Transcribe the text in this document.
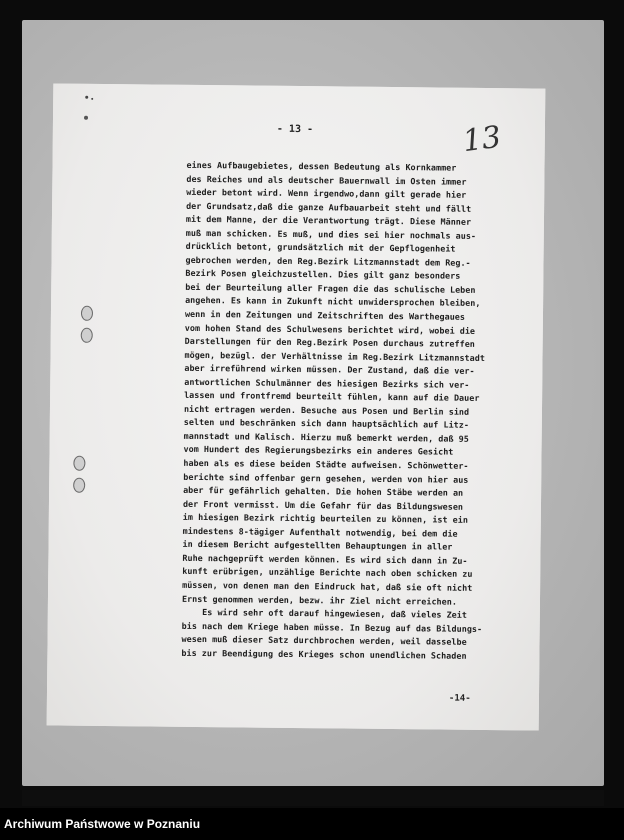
- 13 -	13
eines Aufbaugebietes, dessen Bedeutung als Kornkammer
des Reiches und als deutscher Bauernwall im Osten immer
wieder betont wird. Wenn irgendwo,dann gilt gerade hier
der Grundsatz,daß die ganze Aufbauarbeit steht und fällt
mit dem Manne, der die Verantwortung trägt. Diese Männer
muß man schicken. Es muß, und dies sei hier nochmals aus-
drücklich betont, grundsätzlich mit der Gepflogenheit
gebrochen werden, den Reg.Bezirk Litzmannstadt dem Reg.-
Bezirk Posen gleichzustellen. Dies gilt ganz besonders
bei der Beurteilung aller Fragen die das schulische Leben
angehen. Es kann in Zukunft nicht unwidersprochen bleiben,
wenn in den Zeitungen und Zeitschriften des Warthegaues
vom hohen Stand des Schulwesens berichtet wird, wobei die
Darstellungen für den Reg.Bezirk Posen durchaus zutreffen
mögen, bezügl. der Verhältnisse im Reg.Bezirk Litzmannstadt
aber irreführend wirken müssen. Der Zustand, daß die ver-
antwortlichen Schulmänner des hiesigen Bezirks sich ver-
lassen und frontfremd beurteilt fühlen, kann auf die Dauer
nicht ertragen werden. Besuche aus Posen und Berlin sind
selten und beschränken sich dann hauptsächlich auf Litz-
mannstadt und Kalisch. Hierzu muß bemerkt werden, daß 95
vom Hundert des Regierungsbezirks ein anderes Gesicht
haben als es diese beiden Städte aufweisen. Schönwetter-
berichte sind offenbar gern gesehen, werden von hier aus
aber für gefährlich gehalten. Die hohen Stäbe werden an
der Front vermisst. Um die Gefahr für das Bildungswesen
im hiesigen Bezirk richtig beurteilen zu können, ist ein
mindestens 8-tägiger Aufenthalt notwendig, bei dem die
in diesem Bericht aufgestellten Behauptungen in aller
Ruhe nachgeprüft werden können. Es wird sich dann in Zu-
kunft erübrigen, unzählige Berichte nach oben schicken zu
müssen, von denen man den Eindruck hat, daß sie oft nicht
Ernst genommen werden, bezw. ihr Ziel nicht erreichen.
Es wird sehr oft darauf hingewiesen, daß vieles Zeit
bis nach dem Kriege haben müsse. In Bezug auf das Bildungs-
wesen muß dieser Satz durchbrochen werden, weil dasselbe
bis zur Beendigung des Krieges schon unendlichen Schaden
-14-
Archiwum Państwowe w Poznaniu
